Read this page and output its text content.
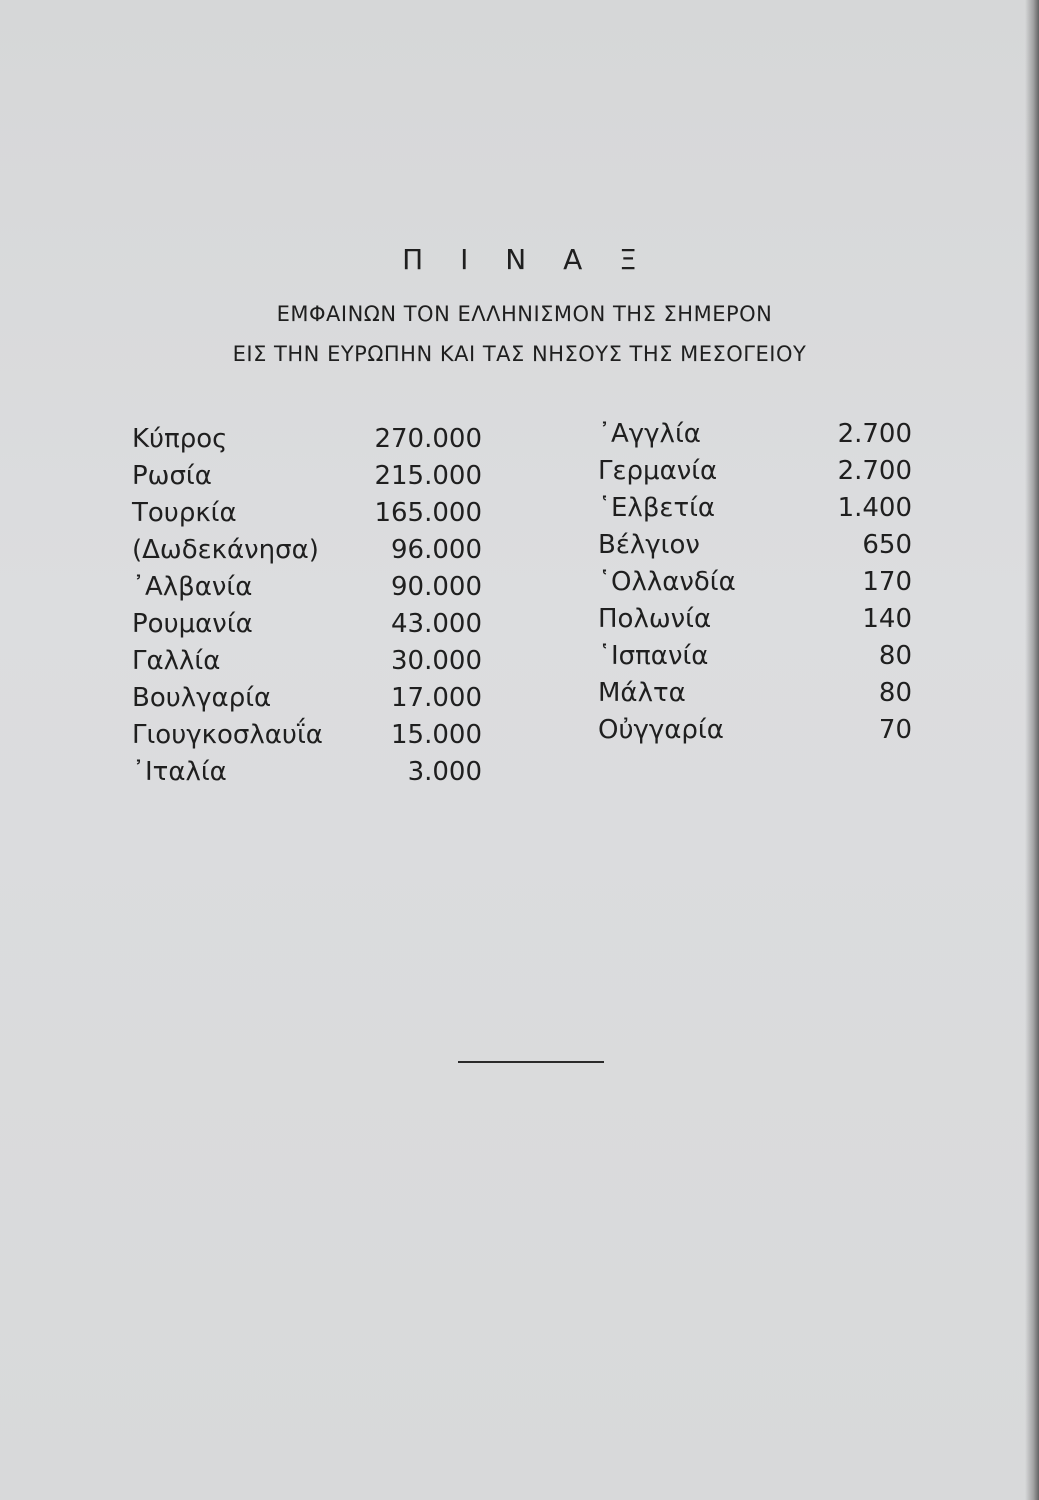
Π Ι Ν Α Ξ
ΕΜΦΑΙΝΩΝ ΤΟΝ ΕΛΛΗΝΙΣΜΟΝ ΤΗΣ ΣΗΜΕΡΟΝ
ΕΙΣ ΤΗΝ ΕΥΡΩΠΗΝ ΚΑΙ ΤΑΣ ΝΗΣΟΥΣ ΤΗΣ ΜΕΣΟΓΕΙΟΥ
Κύπρος	270.000
Ρωσία	215.000
Τουρκία	165.000
(Δωδεκάνησα)	96.000
᾽Αλβανία	90.000
Ρουμανία	43.000
Γαλλία	30.000
Βουλγαρία	17.000
Γιουγκοσλαυΐα	15.000
᾽Ιταλία	3.000
᾽Αγγλία	2.700
Γερμανία	2.700
῾Ελβετία	1.400
Βέλγιον	650
῾Ολλανδία	170
Πολωνία	140
῾Ισπανία	80
Μάλτα	80
Οὐγγαρία	70
